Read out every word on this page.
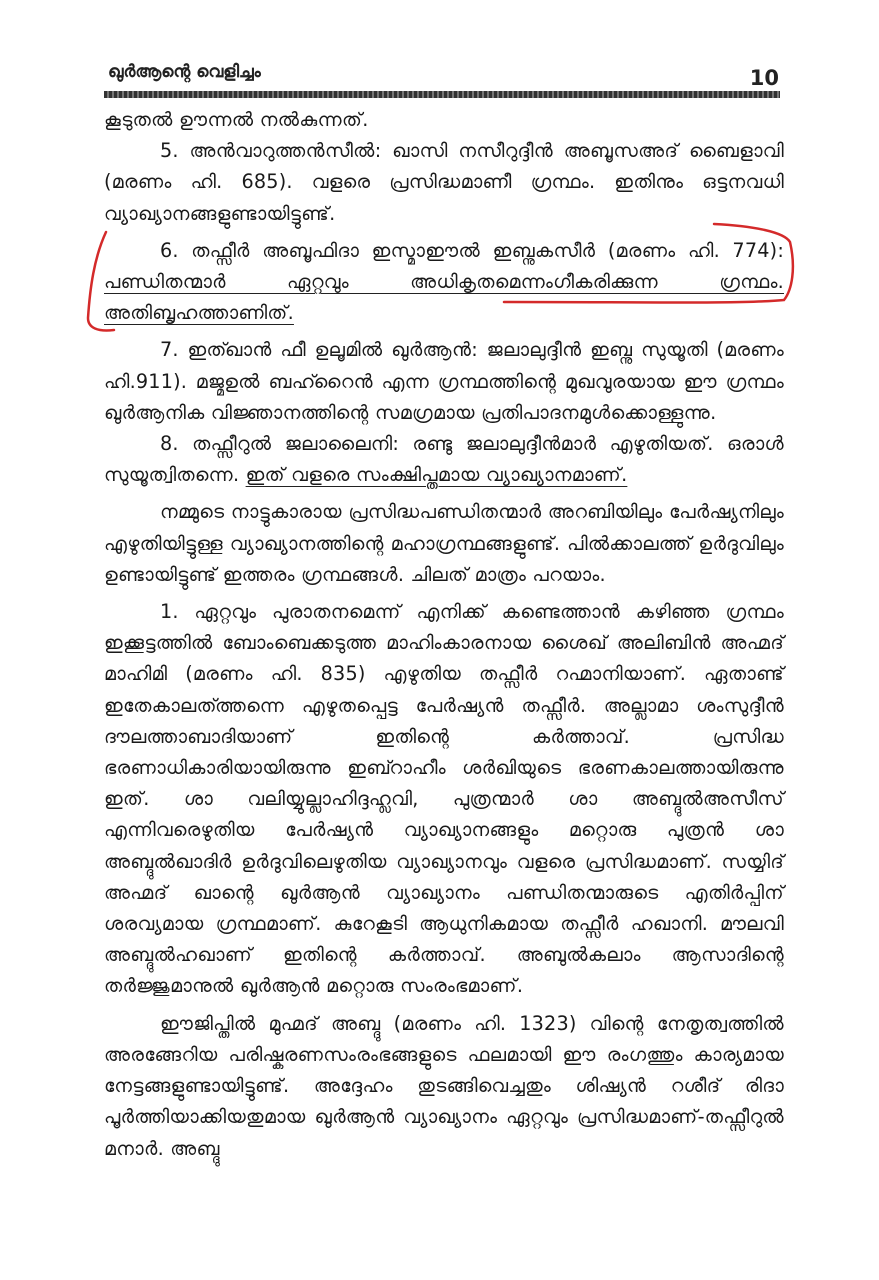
ഖുർആന്റെ വെളിച്ചം	10

കൂടുതൽ ഊന്നൽ നൽകുന്നത്.

5. അൻവാറുത്തൻസീൽ: ഖാസി നസീറുദ്ദീൻ അബൂസഅദ് ബൈളാവി (മരണം ഹി. 685). വളരെ പ്രസിദ്ധമാണീ ഗ്രന്ഥം. ഇതിനും ഒട്ടനവധി വ്യാഖ്യാനങ്ങളുണ്ടായിട്ടുണ്ട്.

6. തഫ്സീർ അബൂഫിദാ ഇസ്മാഈൽ ഇബ്നുകസീർ (മരണം ഹി. 774): പണ്ഡിതന്മാർ ഏറ്റവും അധികൃതമെന്നംഗീകരിക്കുന്ന ഗ്രന്ഥം. അതിബൃഹത്താണിത്.

7. ഇത്ഖാൻ ഫീ ഉലൂമിൽ ഖുർആൻ: ജലാലുദ്ദീൻ ഇബ്നു സുയൂതി (മരണം ഹി.911). മജ്മഉൽ ബഹ്റൈൻ എന്ന ഗ്രന്ഥത്തിന്റെ മുഖവുരയായ ഈ ഗ്രന്ഥം ഖുർആനിക വിജ്ഞാനത്തിന്റെ സമഗ്രമായ പ്രതിപാദനമുൾക്കൊള്ളുന്നു.

8. തഫ്സീറുൽ ജലാലൈനി: രണ്ടു ജലാലുദ്ദീൻമാർ എഴുതിയത്. ഒരാൾ സുയൂത്വിതന്നെ. ഇത് വളരെ സംക്ഷിപ്തമായ വ്യാഖ്യാനമാണ്.

നമ്മുടെ നാട്ടുകാരായ പ്രസിദ്ധപണ്ഡിതന്മാർ അറബിയിലും പേർഷ്യനിലും എഴുതിയിട്ടുള്ള വ്യാഖ്യാനത്തിന്റെ മഹാഗ്രന്ഥങ്ങളുണ്ട്. പിൽക്കാലത്ത് ഉർദുവിലും ഉണ്ടായിട്ടുണ്ട് ഇത്തരം ഗ്രന്ഥങ്ങൾ. ചിലത് മാത്രം പറയാം.

1. ഏറ്റവും പുരാതനമെന്ന് എനിക്ക് കണ്ടെത്താൻ കഴിഞ്ഞ ഗ്രന്ഥം ഇക്കൂട്ടത്തിൽ ബോംബെക്കടുത്ത മാഹിംകാരനായ ശൈഖ് അലിബിൻ അഹ്മദ് മാഹിമി (മരണം ഹി. 835) എഴുതിയ തഫ്സീർ റഹ്മാനിയാണ്. ഏതാണ്ട് ഇതേകാലത്ത്തന്നെ എഴുതപ്പെട്ട പേർഷ്യൻ തഫ്സീർ. അല്ലാമാ ശംസുദ്ദീൻ ദൗലത്താബാദിയാണ് ഇതിന്റെ കർത്താവ്. പ്രസിദ്ധ ഭരണാധികാരിയായിരുന്നു ഇബ്റാഹീം ശർഖിയുടെ ഭരണകാലത്തായിരുന്നു ഇത്. ശാ വലിയ്യുല്ലാഹിദ്ദഹ്ലവി, പുത്രന്മാർ ശാ അബ്ദുൽഅസീസ് എന്നിവരെഴുതിയ പേർഷ്യൻ വ്യാഖ്യാനങ്ങളും മറ്റൊരു പുത്രൻ ശാ അബ്ദുൽഖാദിർ ഉർദുവിലെഴുതിയ വ്യാഖ്യാനവും വളരെ പ്രസിദ്ധമാണ്. സയ്യിദ് അഹ്മദ് ഖാന്റെ ഖുർആൻ വ്യാഖ്യാനം പണ്ഡിതന്മാരുടെ എതിർപ്പിന് ശരവ്യമായ ഗ്രന്ഥമാണ്. കുറേകൂടി ആധുനികമായ തഫ്സീർ ഹഖാനി. മൗലവി അബ്ദുൽഹഖാണ് ഇതിന്റെ കർത്താവ്. അബുൽകലാം ആസാദിന്റെ തർജ്ജുമാനുൽ ഖുർആൻ മറ്റൊരു സംരംഭമാണ്.

ഈജിപ്തിൽ മുഹ്മദ് അബ്ദു (മരണം ഹി. 1323) വിന്റെ നേതൃത്വത്തിൽ അരങ്ങേറിയ പരിഷ്കരണസംരംഭങ്ങളുടെ ഫലമായി ഈ രംഗത്തും കാര്യമായ നേട്ടങ്ങളുണ്ടായിട്ടുണ്ട്. അദ്ദേഹം തുടങ്ങിവെച്ചതും ശിഷ്യൻ റശീദ് രിദാ പൂർത്തിയാക്കിയതുമായ ഖുർആൻ വ്യാഖ്യാനം ഏറ്റവും പ്രസിദ്ധമാണ്-തഫ്സീറുൽ മനാർ. അബ്ദു
